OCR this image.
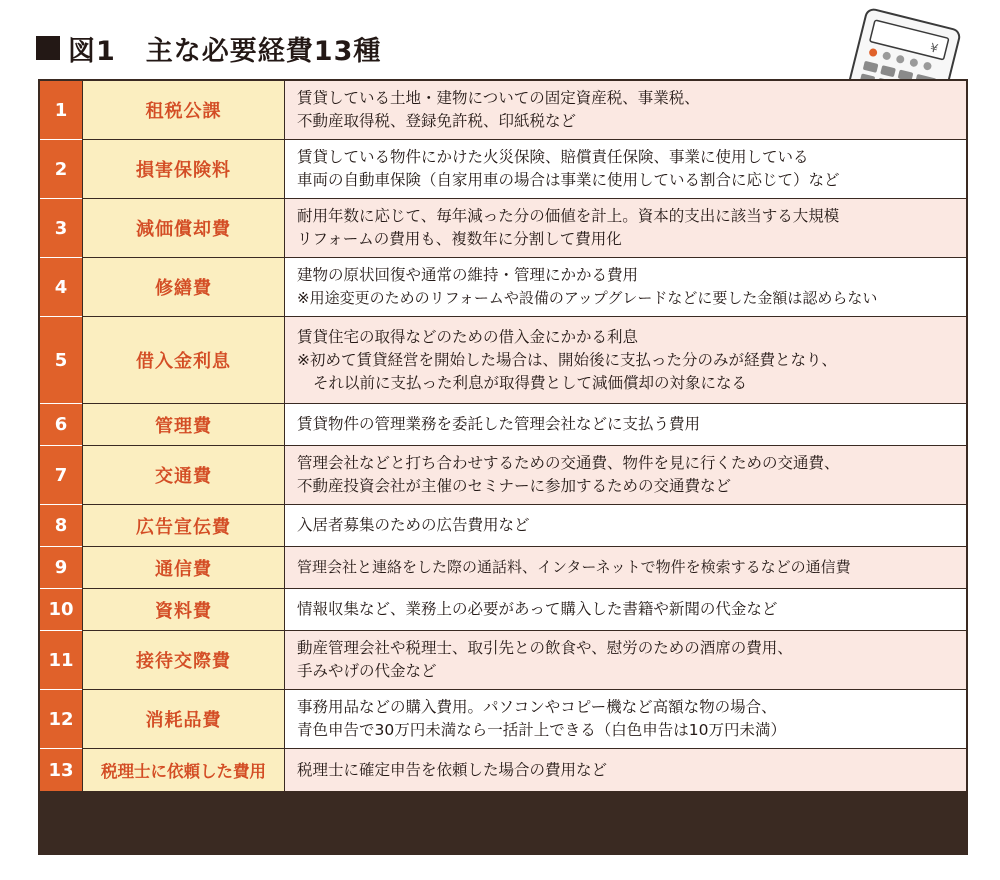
図1 主な必要経費13種	¥
1	租税公課
賃貸している土地・建物についての固定資産税、事業税、
不動産取得税、登録免許税、印紙税など
2	損害保険料
賃貸している物件にかけた火災保険、賠償責任保険、事業に使用している
車両の自動車保険（自家用車の場合は事業に使用している割合に応じて）など
3	減価償却費
耐用年数に応じて、毎年減った分の価値を計上。資本的支出に該当する大規模
リフォームの費用も、複数年に分割して費用化
4	修繕費
建物の原状回復や通常の維持・管理にかかる費用
※用途変更のためのリフォームや設備のアップグレードなどに要した金額は認めらない
5	借入金利息
賃貸住宅の取得などのための借入金にかかる利息
※初めて賃貸経営を開始した場合は、開始後に支払った分のみが経費となり、
それ以前に支払った利息が取得費として減価償却の対象になる
6	管理費	賃貸物件の管理業務を委託した管理会社などに支払う費用
7	交通費
管理会社などと打ち合わせするための交通費、物件を見に行くための交通費、
不動産投資会社が主催のセミナーに参加するための交通費など
8	広告宣伝費	入居者募集のための広告費用など
9	通信費	管理会社と連絡をした際の通話料、インターネットで物件を検索するなどの通信費
10	資料費	情報収集など、業務上の必要があって購入した書籍や新聞の代金など
11	接待交際費
動産管理会社や税理士、取引先との飲食や、慰労のための酒席の費用、
手みやげの代金など
12	消耗品費
事務用品などの購入費用。パソコンやコピー機など高額な物の場合、
青色申告で30万円未満なら一括計上できる（白色申告は10万円未満）
13	税理士に依頼した費用	税理士に確定申告を依頼した場合の費用など
